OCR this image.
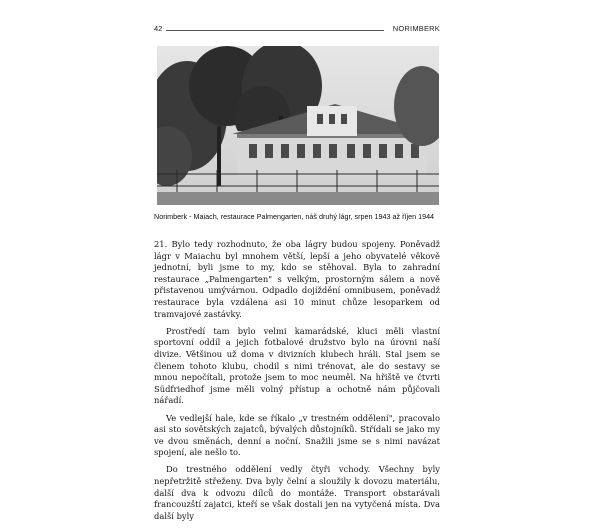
42	NORIMBERK
Norimberk - Maiach, restaurace Palmengarten, náš druhý lágr, srpen 1943 až říjen 1944

21. Bylo tedy rozhodnuto, že oba lágry budou spojeny. Poněvadž lágr v Maiachu byl mnohem větší, lepší a jeho obyvatelé věkově jednotní, byli jsme to my, kdo se stěhoval. Byla to zahradní restaurace „Palmengarten" s velkým, prostorným sálem a nově přistavenou umývárnou. Odpadlo dojíždění omnibusem, poněvadž restaurace byla vzdálena asi 10 minut chůze lesoparkem od tramvajové zastávky.

Prostředí tam bylo velmi kamarádské, kluci měli vlastní sportovní oddíl a jejich fotbalové družstvo bylo na úrovni naší divize. Většinou už doma v divizních klubech hráli. Stal jsem se členem tohoto klubu, chodil s nimi trénovat, ale do sestavy se mnou nepočítali, protože jsem to moc neuměl. Na hřiště ve čtvrti Südfriedhof jsme měli volný přístup a ochotně nám půjčovali nářadí.

Ve vedlejší hale, kde se říkalo „v trestném oddělení", pracovalo asi sto sovětských zajatců, bývalých důstojníků. Střídali se jako my ve dvou směnách, denní a noční. Snažili jsme se s nimi navázat spojení, ale nešlo to.

Do trestného oddělení vedly čtyři vchody. Všechny byly nepřetržitě střeženy. Dva byly čelní a sloužily k dovozu materiálu, další dva k odvozu dílců do montáže. Transport obstarávali francouzští zajatci, kteří se však dostali jen na vytyčená místa. Dva další byly
